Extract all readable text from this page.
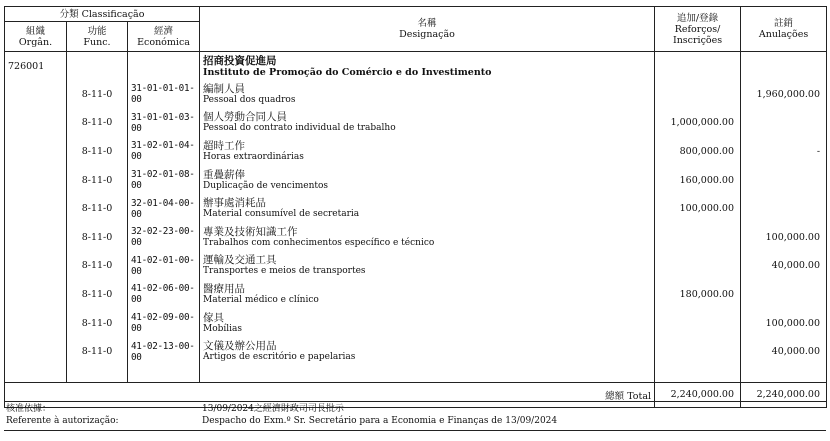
分類 Classificação			名稱
Designação	追加/登錄
Reforços/
Inscrições	註銷
Anulações

組織
Orgân.	功能
Func.	經濟
Económica			

726001			招商投資促進局
Instituto de Promoção do Comércio e do Investimento		

	8-11-0	31-01-01-01-00	編制人員
Pessoal dos quadros		1,960,000.00
	8-11-0	31-01-01-03-00	個人勞動合同人員
Pessoal do contrato individual de trabalho	1,000,000.00	
	8-11-0	31-02-01-04-00	超時工作
Horas extraordinárias	800,000.00	-
	8-11-0	31-02-01-08-00	重疊薪俸
Duplicação de vencimentos	160,000.00	
	8-11-0	32-01-04-00-00	辦事處消耗品
Material consumível de secretaria	100,000.00	
	8-11-0	32-02-23-00-00	專業及技術知識工作
Trabalhos com conhecimentos específico e técnico		100,000.00
	8-11-0	41-02-01-00-00	運輸及交通工具
Transportes e meios de transportes		40,000.00
	8-11-0	41-02-06-00-00	醫療用品
Material médico e clínico	180,000.00	
	8-11-0	41-02-09-00-00	傢具
Mobílias		100,000.00
	8-11-0	41-02-13-00-00	文儀及辦公用品
Artigos de escritório e papelarias		40,000.00

總額 Total				2,240,000.00	2,240,000.00
核准依據：
Referente à autorização:
13/09/2024之經濟財政司司長批示
Despacho do Exm.º Sr. Secretário para a Economia e Finanças de 13/09/2024
